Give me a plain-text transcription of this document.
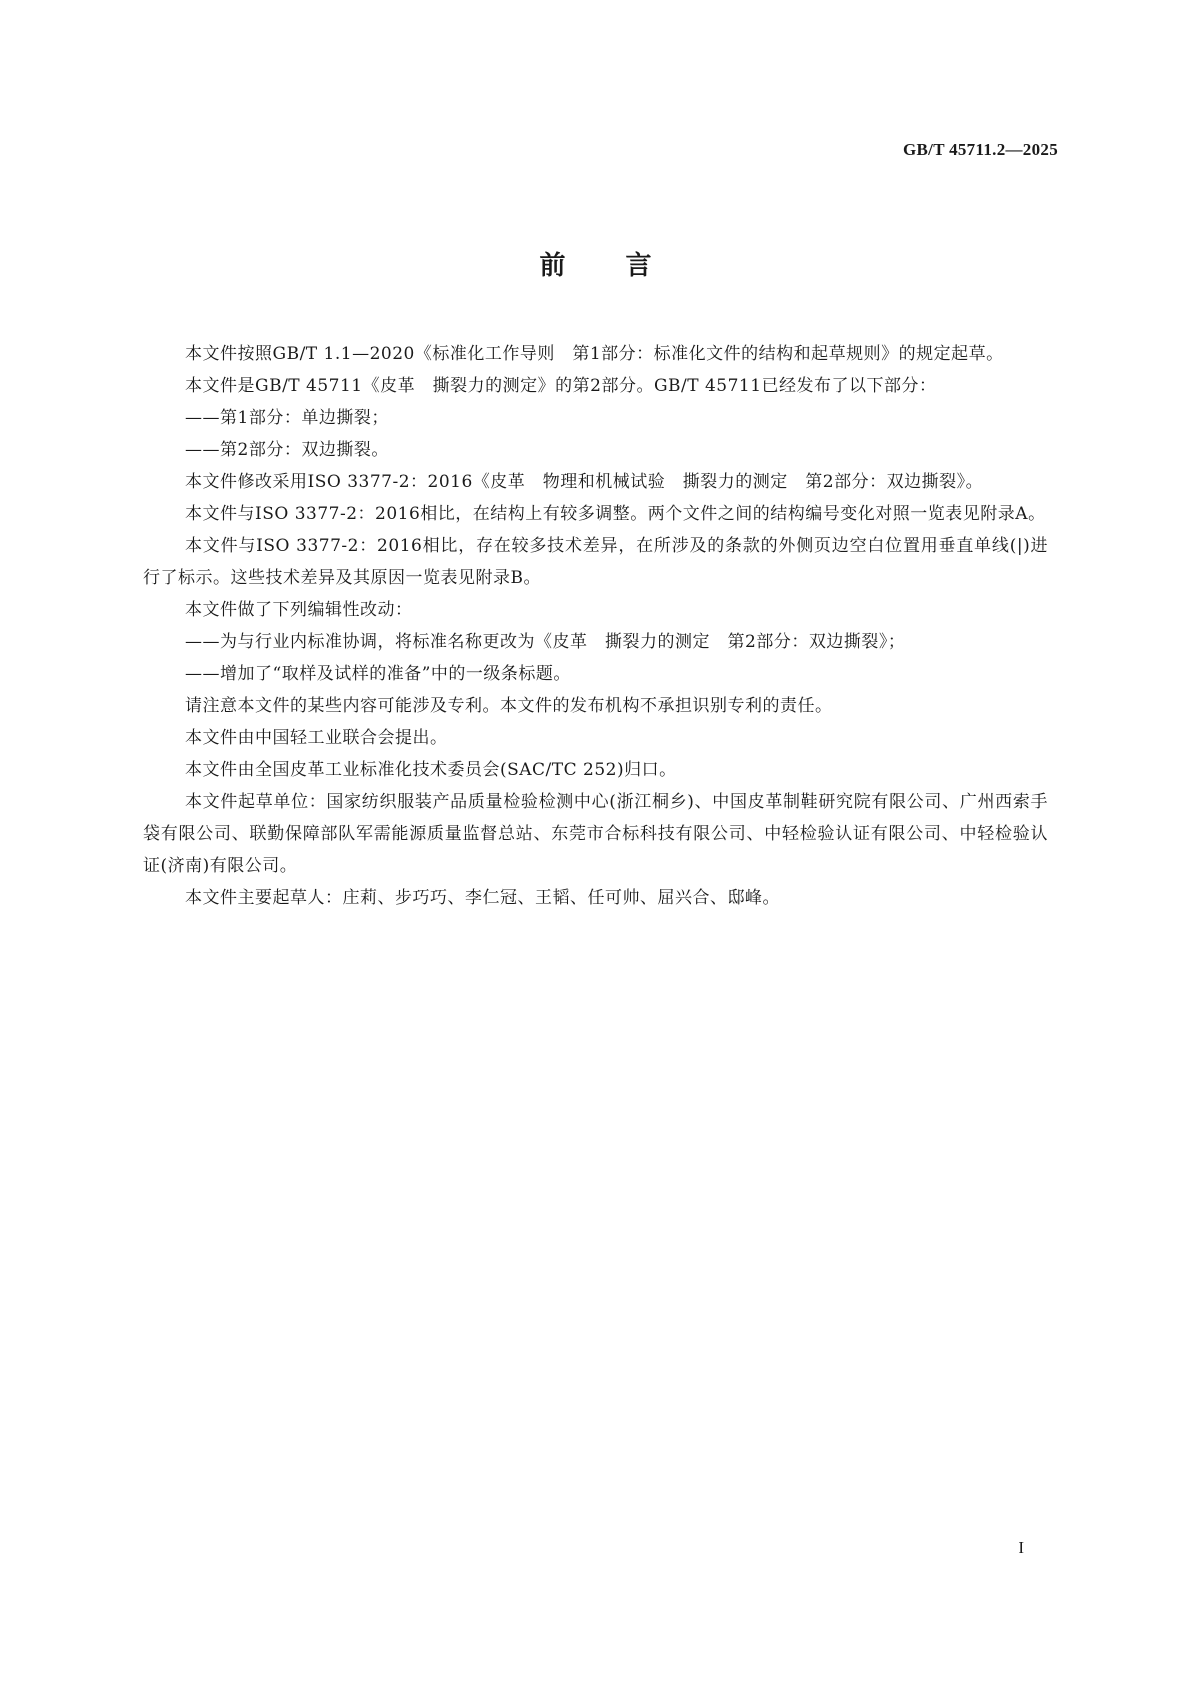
GB/T 45711.2—2025
前言

本文件按照GB/T 1.1—2020《标准化工作导则　第1部分：标准化文件的结构和起草规则》的规定起草。

本文件是GB/T 45711《皮革　撕裂力的测定》的第2部分。GB/T 45711已经发布了以下部分：

——第1部分：单边撕裂；

——第2部分：双边撕裂。

本文件修改采用ISO 3377-2：2016《皮革　物理和机械试验　撕裂力的测定　第2部分：双边撕裂》。

本文件与ISO 3377-2：2016相比，在结构上有较多调整。两个文件之间的结构编号变化对照一览表见附录A。

本文件与ISO 3377-2：2016相比，存在较多技术差异，在所涉及的条款的外侧页边空白位置用垂直单线(|)进行了标示。这些技术差异及其原因一览表见附录B。

本文件做了下列编辑性改动：

——为与行业内标准协调，将标准名称更改为《皮革　撕裂力的测定　第2部分：双边撕裂》；

——增加了“取样及试样的准备”中的一级条标题。

请注意本文件的某些内容可能涉及专利。本文件的发布机构不承担识别专利的责任。

本文件由中国轻工业联合会提出。

本文件由全国皮革工业标准化技术委员会(SAC/TC 252)归口。

本文件起草单位：国家纺织服装产品质量检验检测中心(浙江桐乡)、中国皮革制鞋研究院有限公司、广州西索手袋有限公司、联勤保障部队军需能源质量监督总站、东莞市合标科技有限公司、中轻检验认证有限公司、中轻检验认证(济南)有限公司。

本文件主要起草人：庄莉、步巧巧、李仁冠、王韬、任可帅、屈兴合、邸峰。

I
